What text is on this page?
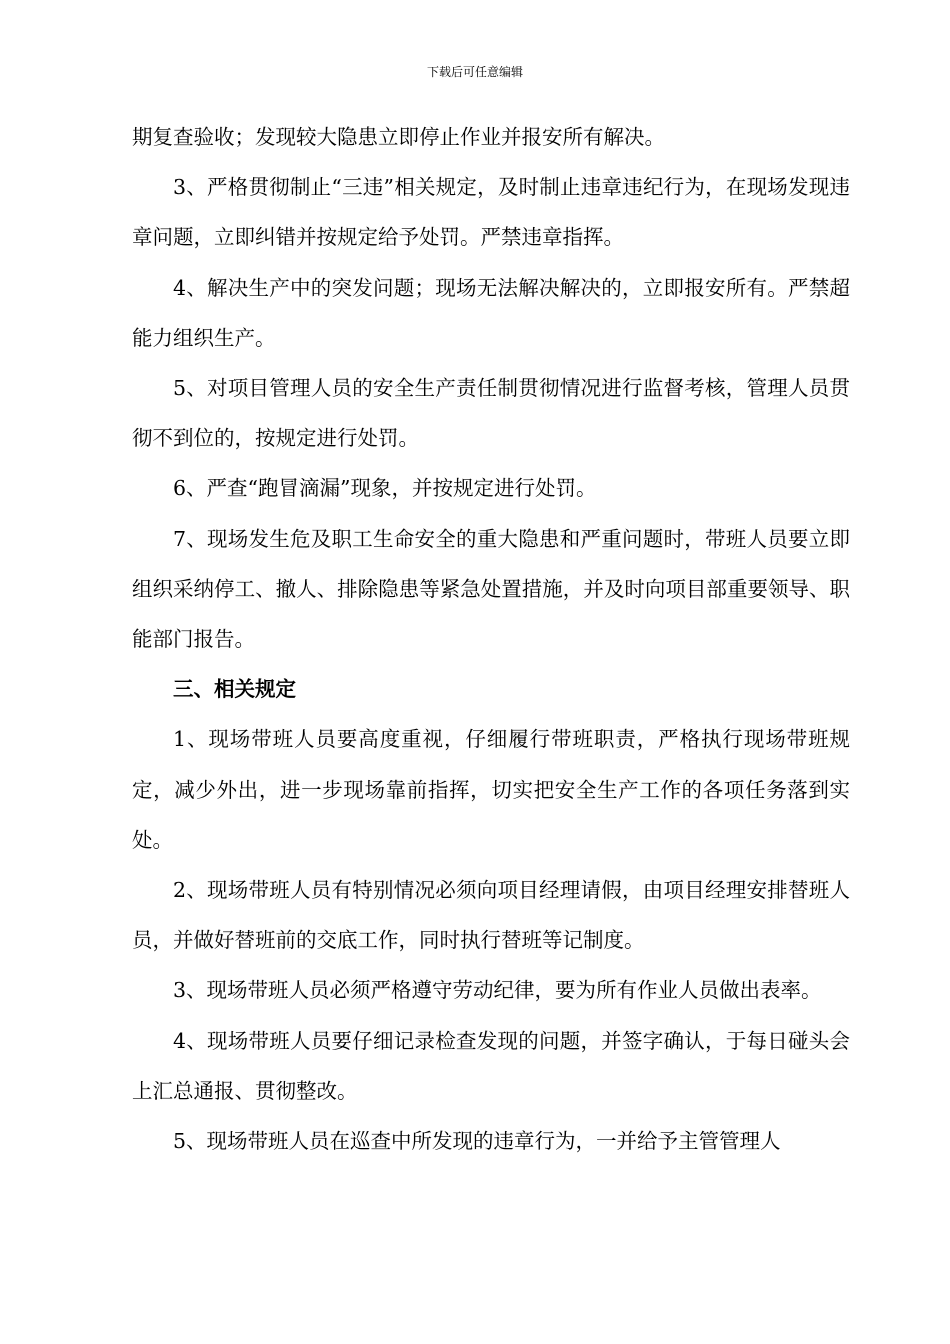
下载后可任意编辑

期复查验收；发现较大隐患立即停止作业并报安所有解决。

3、严格贯彻制止“三违”相关规定，及时制止违章违纪行为，在现场发现违章问题，立即纠错并按规定给予处罚。严禁违章指挥。

4、解决生产中的突发问题；现场无法解决解决的，立即报安所有。严禁超能力组织生产。

5、对项目管理人员的安全生产责任制贯彻情况进行监督考核，管理人员贯彻不到位的，按规定进行处罚。

6、严查“跑冒滴漏”现象，并按规定进行处罚。

7、现场发生危及职工生命安全的重大隐患和严重问题时，带班人员要立即组织采纳停工、撤人、排除隐患等紧急处置措施，并及时向项目部重要领导、职能部门报告。

三、相关规定

1、现场带班人员要高度重视，仔细履行带班职责，严格执行现场带班规定，减少外出，进一步现场靠前指挥，切实把安全生产工作的各项任务落到实处。

2、现场带班人员有特别情况必须向项目经理请假，由项目经理安排替班人员，并做好替班前的交底工作，同时执行替班等记制度。

3、现场带班人员必须严格遵守劳动纪律，要为所有作业人员做出表率。

4、现场带班人员要仔细记录检查发现的问题，并签字确认，于每日碰头会上汇总通报、贯彻整改。

5、现场带班人员在巡查中所发现的违章行为，一并给予主管管理人
